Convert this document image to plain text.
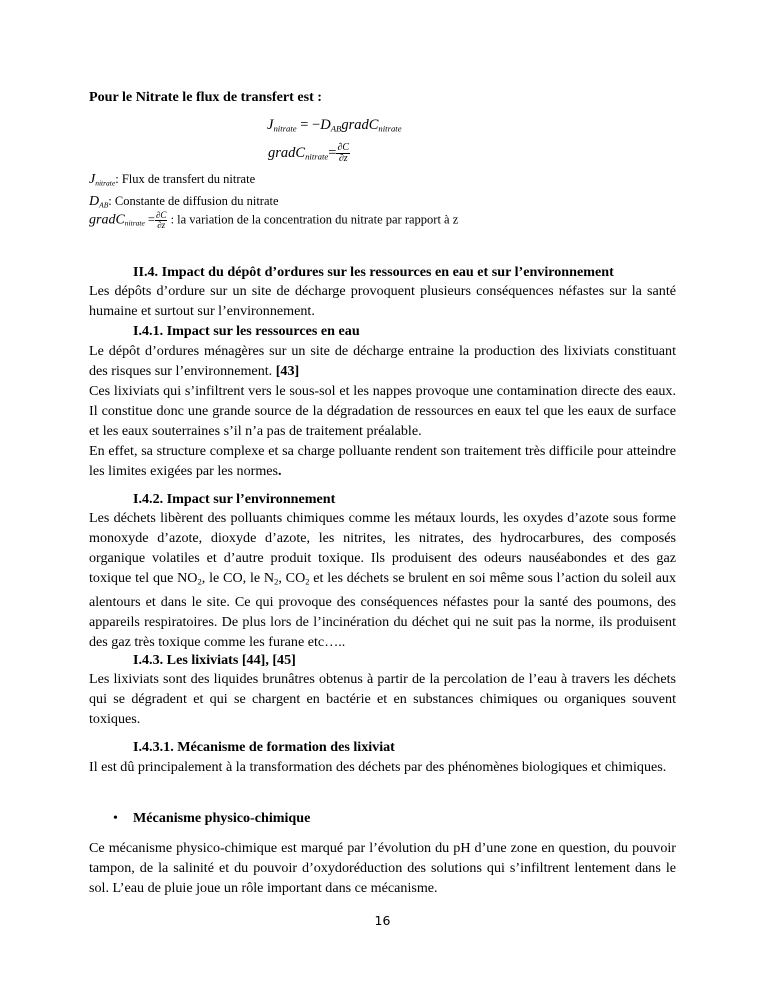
Pour le Nitrate le flux de transfert est :
$J_{nitrate}$ = $-D_{AB}gradC_{nitrate}$
gradC$_{nitrate}$= $\frac{\partial C}{\partial z}$
$J_{nitrate}$: Flux de transfert du nitrate
$D_{AB}$: Constante de diffusion du nitrate
gradC$_{nitrate}$ = $\frac{\partial C}{\partial z}$ : la variation de la concentration du nitrate par rapport à z
II.4. Impact du dépôt d’ordures sur les ressources en eau et sur l’environnement

Les dépôts d’ordure sur un site de décharge provoquent plusieurs conséquences néfastes sur la santé humaine et surtout sur l’environnement.

I.4.1. Impact sur les ressources en eau

Le dépôt d’ordures ménagères sur un site de décharge entraine la production des lixiviats constituant des risques sur l’environnement. [43]

Ces lixiviats qui s’infiltrent vers le sous-sol et les nappes provoque une contamination directe des eaux. Il constitue donc une grande source de la dégradation de ressources en eaux tel que les eaux de surface et les eaux souterraines s’il n’a pas de traitement préalable.

En effet, sa structure complexe et sa charge polluante rendent son traitement très difficile pour atteindre les limites exigées par les normes.

I.4.2. Impact sur l’environnement

Les déchets libèrent des polluants chimiques comme les métaux lourds, les oxydes d’azote sous forme monoxyde d’azote, dioxyde d’azote, les nitrites, les nitrates, des hydrocarbures, des composés organique volatiles et d’autre produit toxique. Ils produisent des odeurs nauséabondes et des gaz toxique tel que $NO_2$, le CO, le $N_2$, $CO_2$ et les déchets se brulent en soi même sous l’action du soleil aux alentours et dans le site. Ce qui provoque des conséquences néfastes pour la santé des poumons, des appareils respiratoires. De plus lors de l’incinération du déchet qui ne suit pas la norme, ils produisent des gaz très toxique comme les furane etc…..

I.4.3. Les lixiviats [44], [45]

Les lixiviats sont des liquides brunâtres obtenus à partir de la percolation de l’eau à travers les déchets qui se dégradent et qui se chargent en bactérie et en substances chimiques ou organiques souvent toxiques.

I.4.3.1. Mécanisme de formation des lixiviat

Il est dû principalement à la transformation des déchets par des phénomènes biologiques et chimiques.

• Mécanisme physico-chimique

Ce mécanisme physico-chimique est marqué par l’évolution du pH d’une zone en question, du pouvoir tampon, de la salinité et du pouvoir d’oxydoréduction des solutions qui s’infiltrent lentement dans le sol. L’eau de pluie joue un rôle important dans ce mécanisme.

16
